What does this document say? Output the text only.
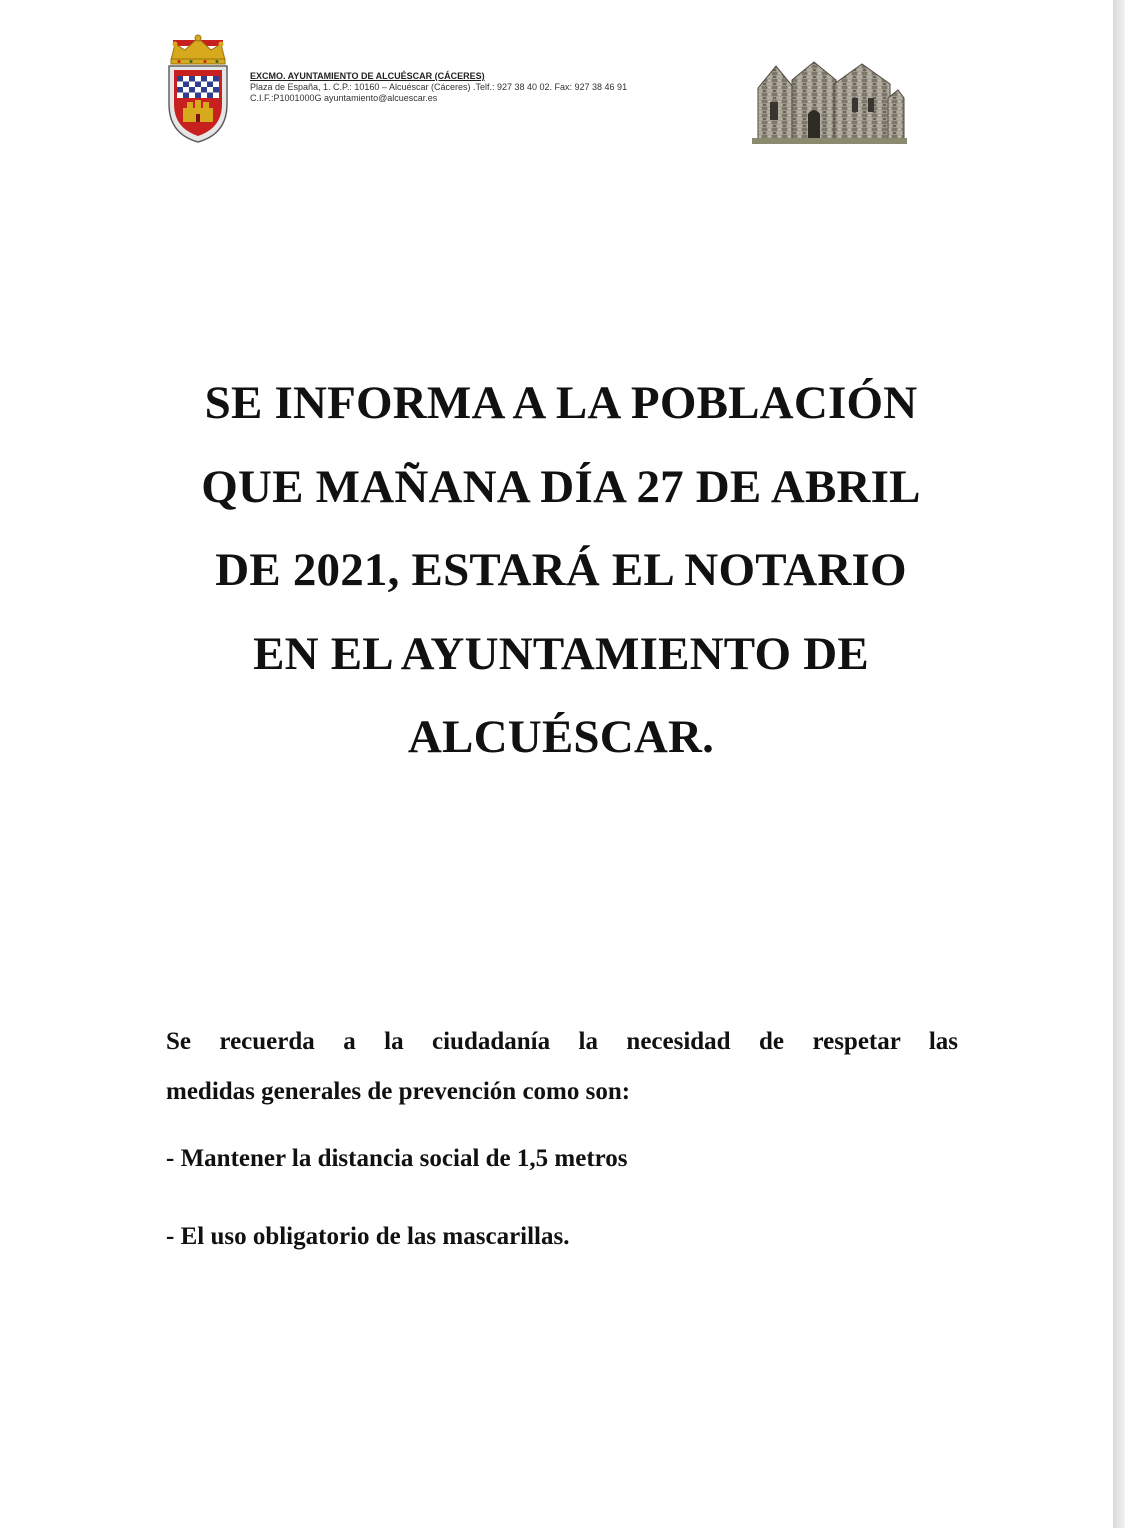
EXCMO. AYUNTAMIENTO DE ALCUÉSCAR (CÁCERES)
Plaza de España, 1. C.P.: 10160 – Alcuéscar (Cáceres) .Telf.: 927 38 40 02. Fax: 927 38 46 91
C.I.F.:P1001000G ayuntamiento@alcuescar.es
SE INFORMA A LA POBLACIÓN
QUE MAÑANA DÍA 27 DE ABRIL
DE 2021, ESTARÁ EL NOTARIO
EN EL AYUNTAMIENTO DE
ALCUÉSCAR.

Se recuerda a la ciudadanía la necesidad de respetar las
medidas generales de prevención como son:

- Mantener la distancia social de 1,5 metros

- El uso obligatorio de las mascarillas.
